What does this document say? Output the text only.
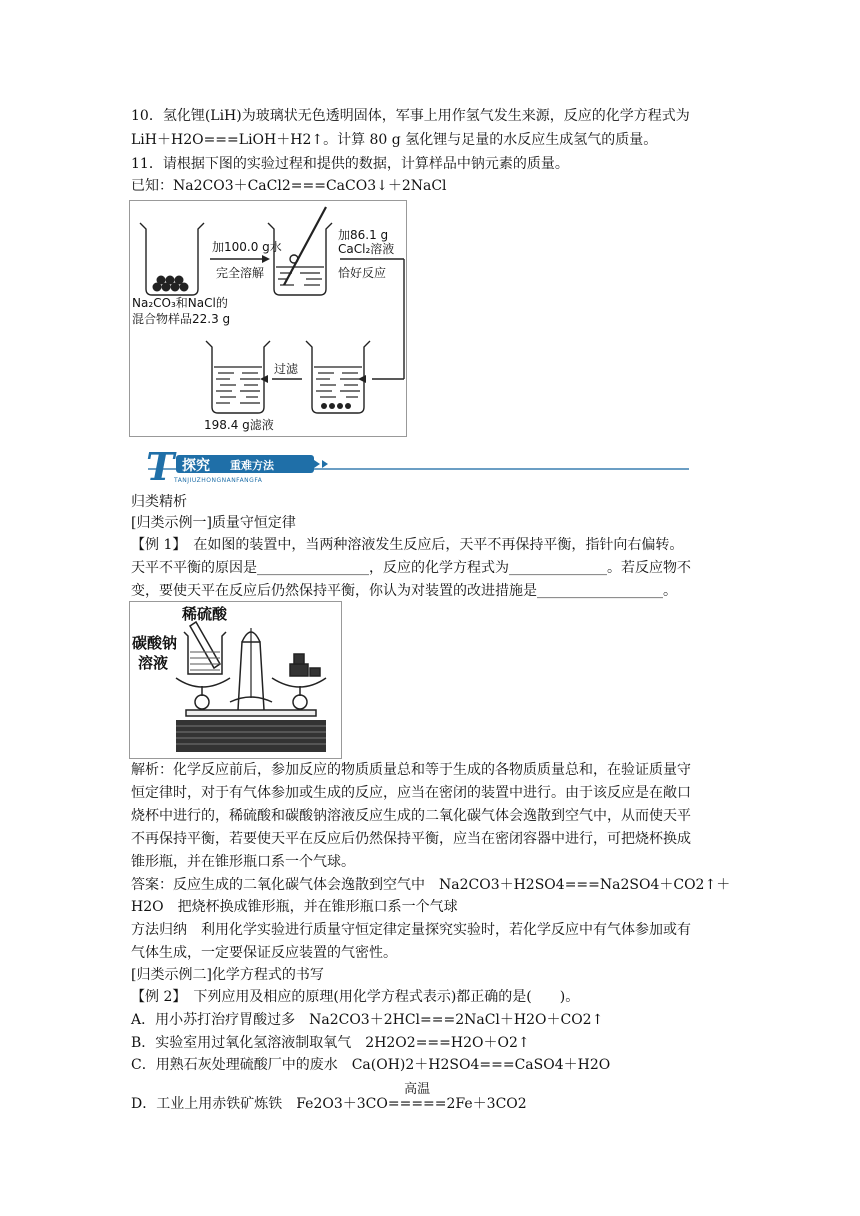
10．氢化锂(LiH)为玻璃状无色透明固体，军事上用作氢气发生来源，反应的化学方程式为
LiH＋H2O===LiOH＋H2↑。计算 80 g 氢化锂与足量的水反应生成氢气的质量。
11．请根据下图的实验过程和提供的数据，计算样品中钠元素的质量。
已知：Na2CO3＋CaCl2===CaCO3↓＋2NaCl
加100.0 g水
完全溶解
加86.1 g
CaCl₂溶液
恰好反应
Na₂CO₃和NaCl的
混合物样品22.3 g
过滤
198.4 g滤液
T 探究 重难方法
TANJIUZHONGNANFANGFA
归类精析
[归类示例一]质量守恒定律
【例 1】　在如图的装置中，当两种溶液发生反应后，天平不再保持平衡，指针向右偏转。
天平不平衡的原因是________________，反应的化学方程式为______________。若反应物不
变，要使天平在反应后仍然保持平衡，你认为对装置的改进措施是__________________。
稀硫酸
碳酸钠
溶液
解析：化学反应前后，参加反应的物质质量总和等于生成的各物质质量总和，在验证质量守
恒定律时，对于有气体参加或生成的反应，应当在密闭的装置中进行。由于该反应是在敞口
烧杯中进行的，稀硫酸和碳酸钠溶液反应生成的二氧化碳气体会逸散到空气中，从而使天平
不再保持平衡，若要使天平在反应后仍然保持平衡，应当在密闭容器中进行，可把烧杯换成
锥形瓶，并在锥形瓶口系一个气球。
答案：反应生成的二氧化碳气体会逸散到空气中　Na2CO3＋H2SO4===Na2SO4＋CO2↑＋
H2O　把烧杯换成锥形瓶，并在锥形瓶口系一个气球
方法归纳　利用化学实验进行质量守恒定律定量探究实验时，若化学反应中有气体参加或有
气体生成，一定要保证反应装置的气密性。
[归类示例二]化学方程式的书写
【例 2】　下列应用及相应的原理(用化学方程式表示)都正确的是(　　)。
A．用小苏打治疗胃酸过多　Na2CO3＋2HCl===2NaCl＋H2O＋CO2↑
B．实验室用过氧化氢溶液制取氧气　2H2O2===H2O＋O2↑
C．用熟石灰处理硫酸厂中的废水　Ca(OH)2＋H2SO4===CaSO4＋H2O
D．工业上用赤铁矿炼铁　Fe2O3＋3CO
高温
=====2Fe＋3CO2
